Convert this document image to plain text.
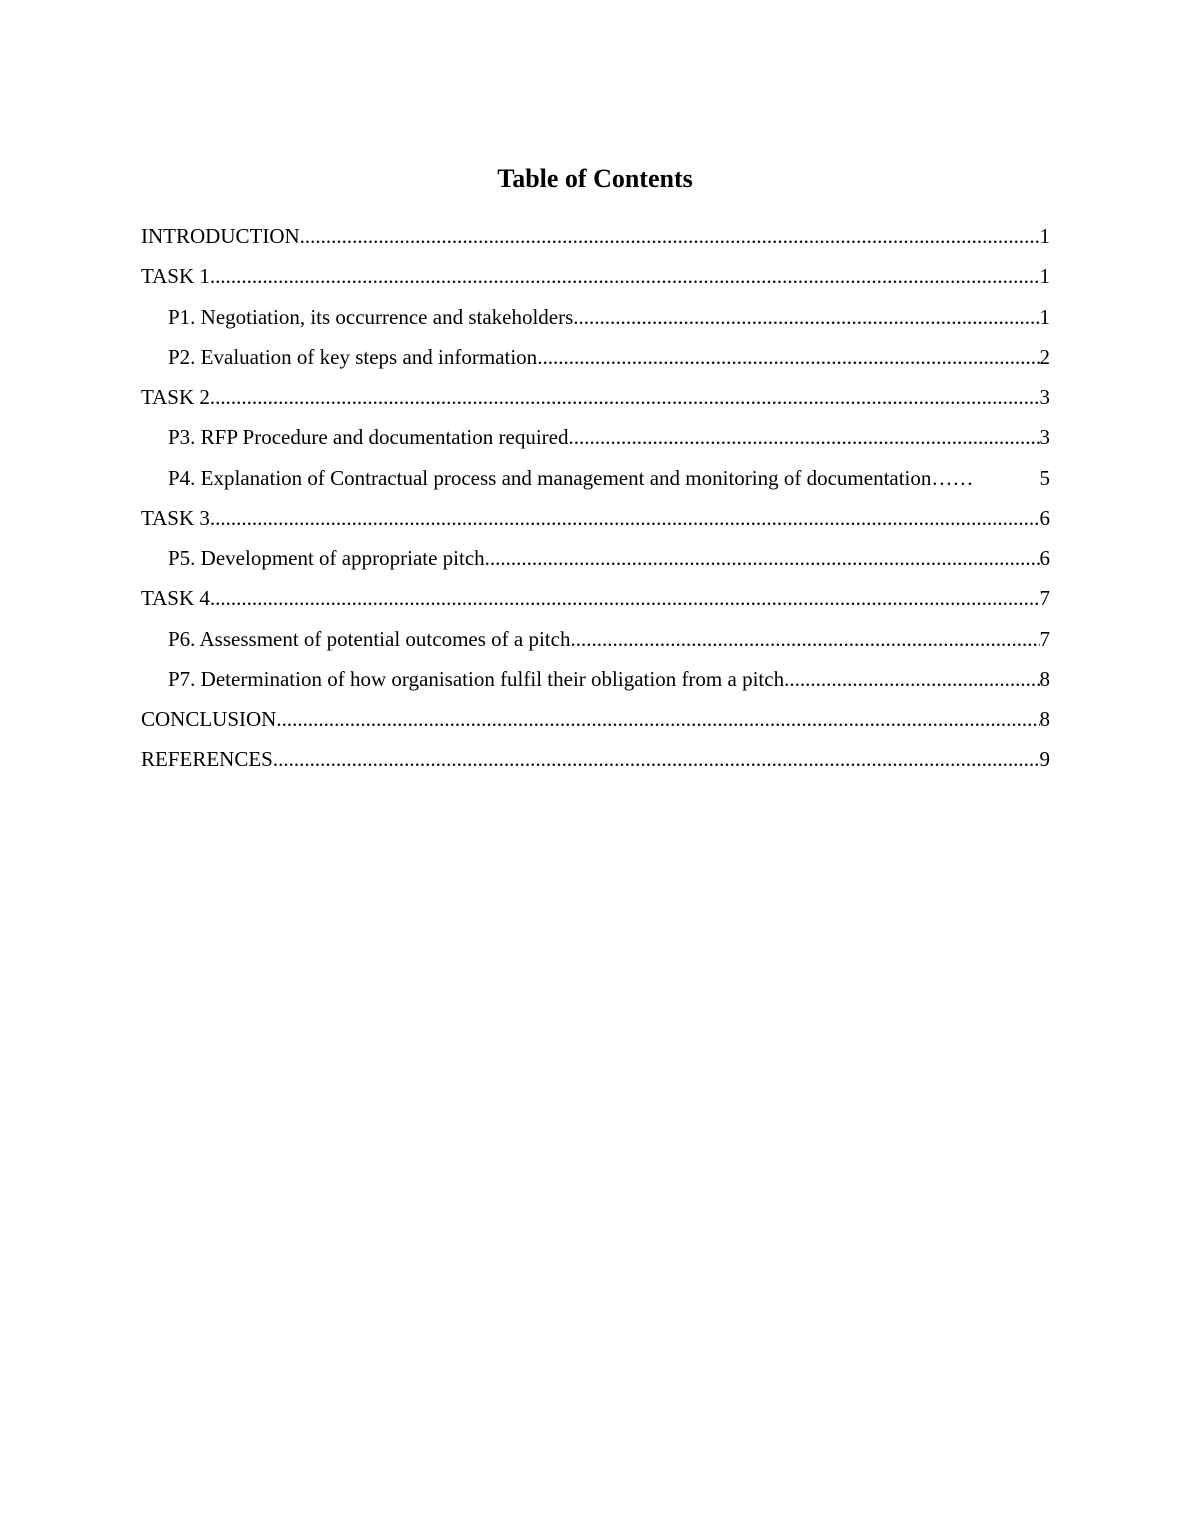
Table of Contents
INTRODUCTION .....	1
TASK 1 .....	1
P1. Negotiation, its occurrence and stakeholders .....	1
P2. Evaluation of key steps and information .....	2
TASK 2 .....	3
P3. RFP Procedure and documentation required .....	3
P4. Explanation of Contractual process and management and monitoring of documentation ……	5
TASK 3 .....	6
P5. Development of appropriate pitch .....	6
TASK 4 .....	7
P6. Assessment of potential outcomes of a pitch .....	7
P7. Determination of how organisation fulfil their obligation from a pitch .....	8
CONCLUSION .....	8
REFERENCES .....	9
